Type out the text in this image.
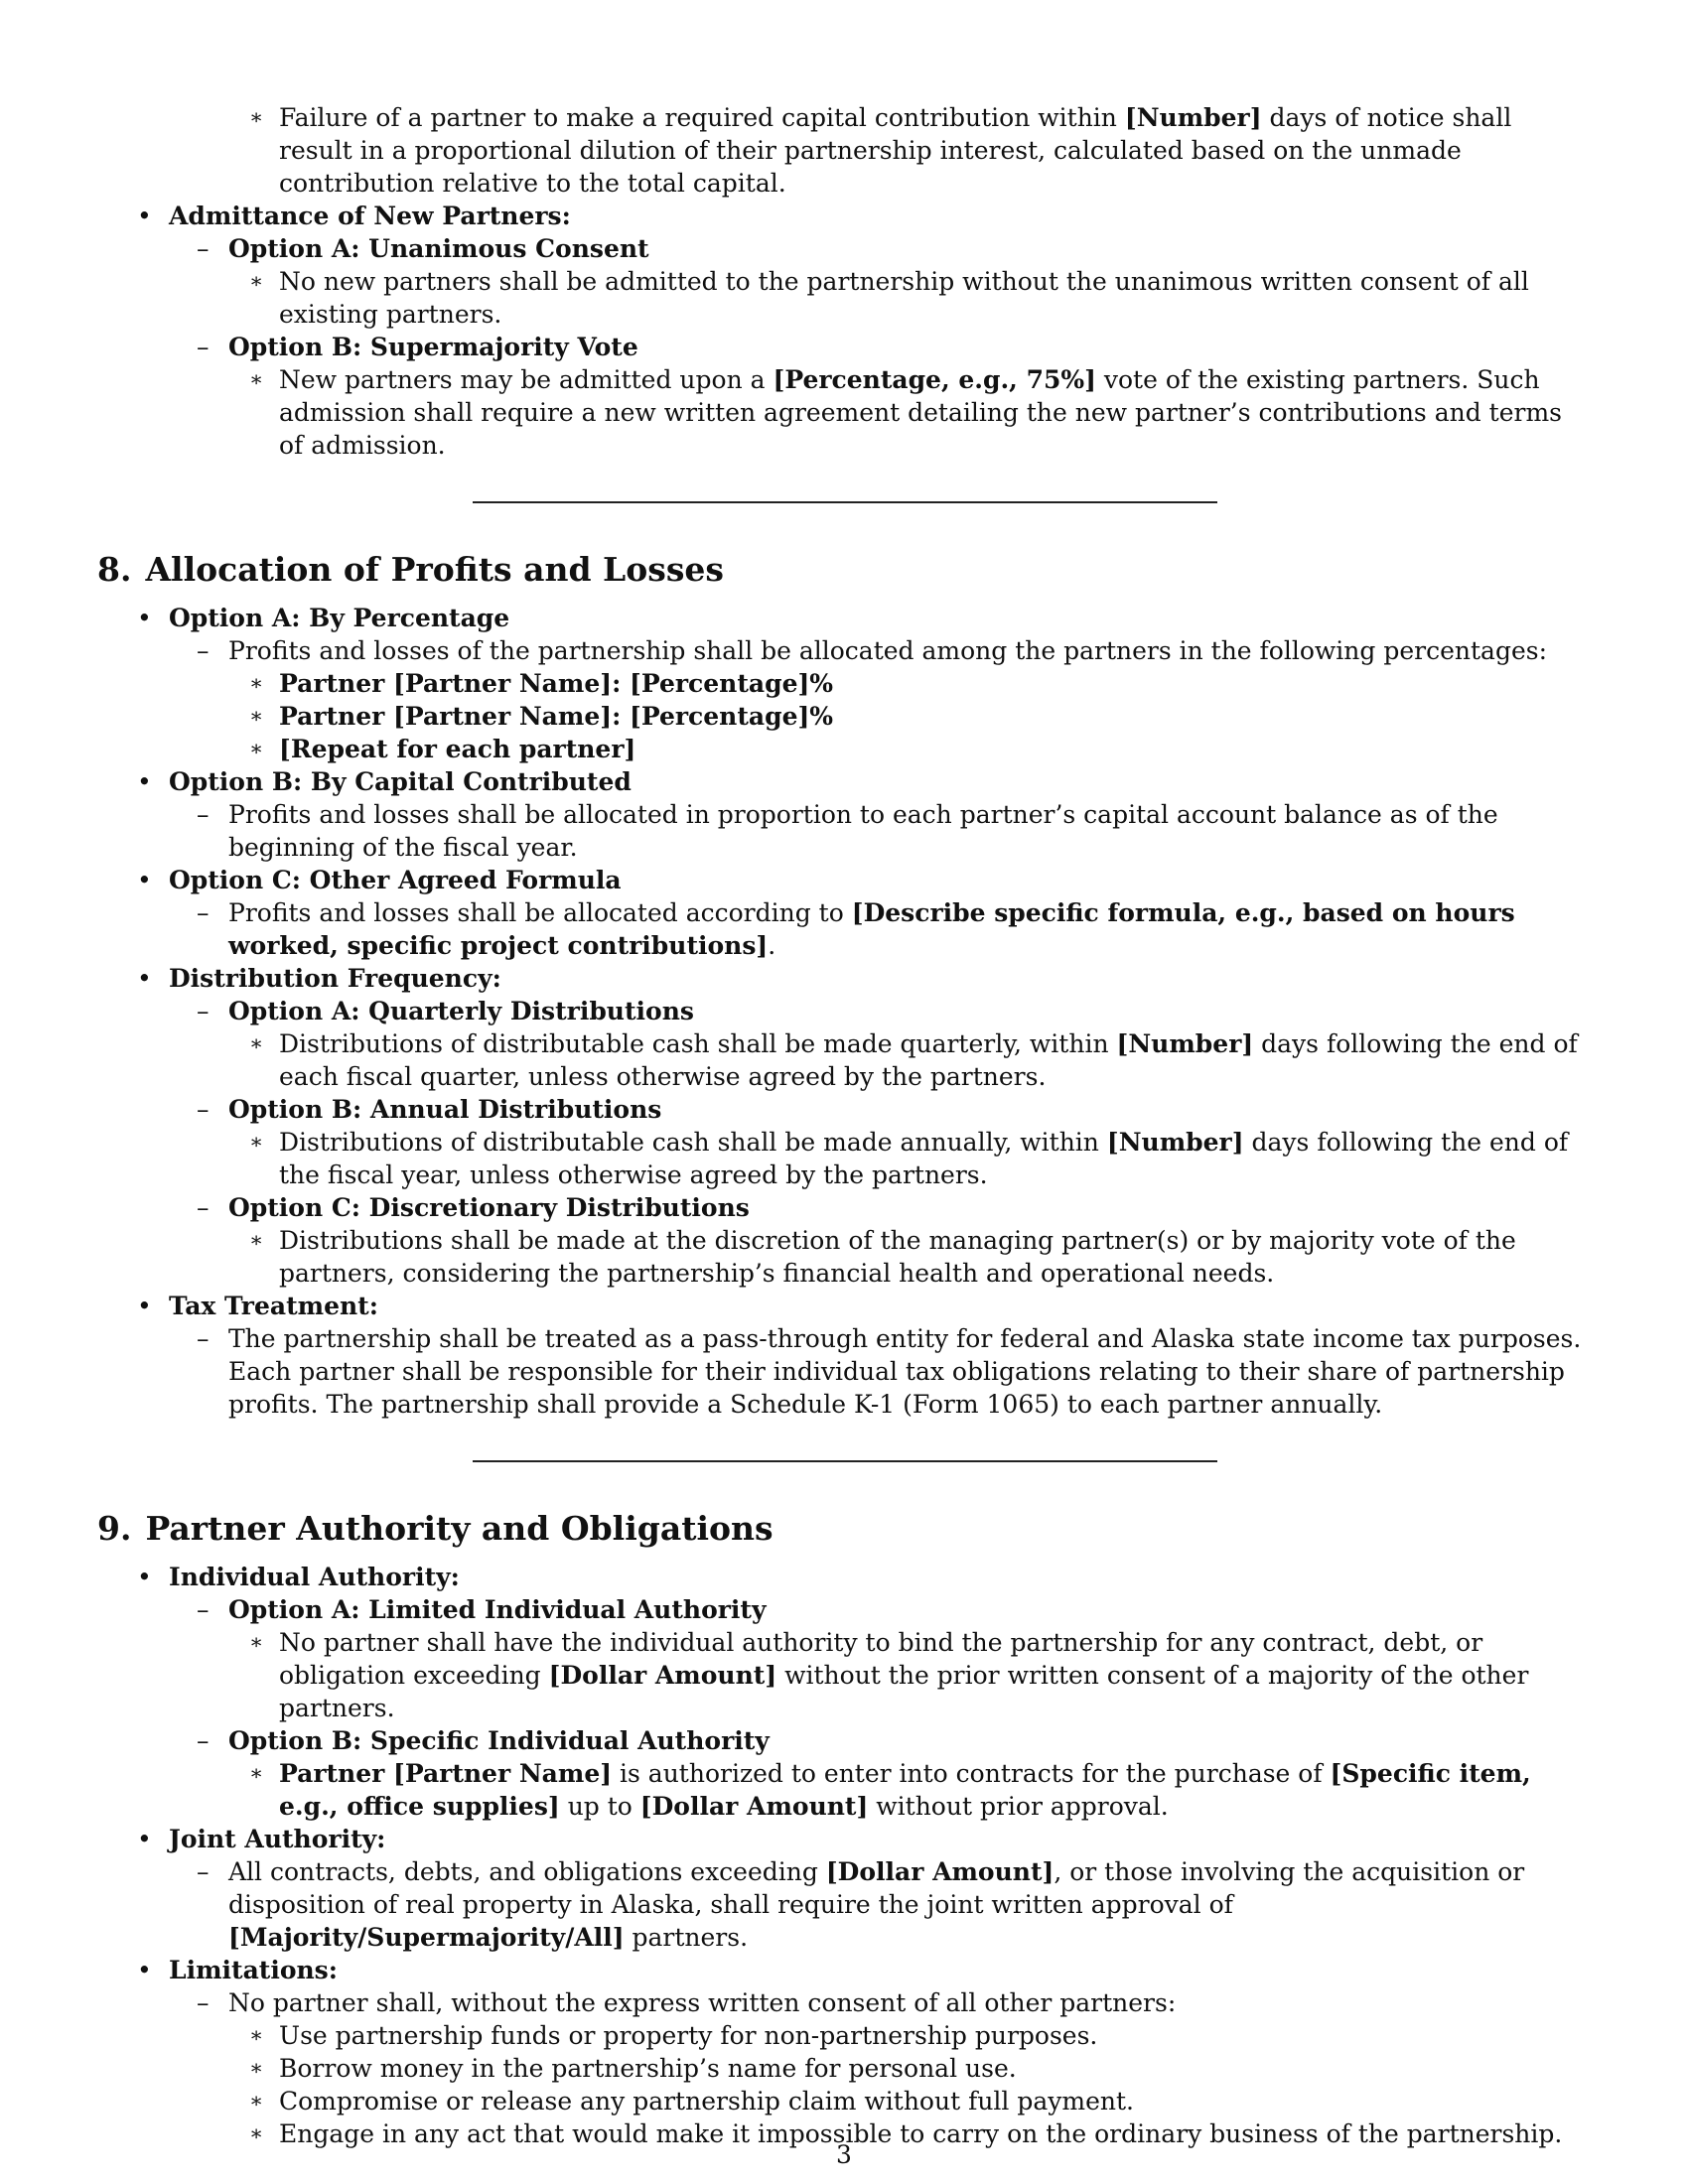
∗ Failure of a partner to make a required capital contribution within [Number] days of notice shall result in a proportional dilution of their partnership interest, calculated based on the unmade contribution relative to the total capital.
• Admittance of New Partners:
– Option A: Unanimous Consent
∗ No new partners shall be admitted to the partnership without the unanimous written consent of all existing partners.
– Option B: Supermajority Vote
∗ New partners may be admitted upon a [Percentage, e.g., 75%] vote of the existing partners. Such admission shall require a new written agreement detailing the new partner’s contributions and terms of admission.
8. Allocation of Profits and Losses
• Option A: By Percentage
– Profits and losses of the partnership shall be allocated among the partners in the following percentages:
∗ Partner [Partner Name]: [Percentage]%
∗ Partner [Partner Name]: [Percentage]%
∗ [Repeat for each partner]
• Option B: By Capital Contributed
– Profits and losses shall be allocated in proportion to each partner’s capital account balance as of the beginning of the fiscal year.
• Option C: Other Agreed Formula
– Profits and losses shall be allocated according to [Describe specific formula, e.g., based on hours worked, specific project contributions].
• Distribution Frequency:
– Option A: Quarterly Distributions
∗ Distributions of distributable cash shall be made quarterly, within [Number] days following the end of each fiscal quarter, unless otherwise agreed by the partners.
– Option B: Annual Distributions
∗ Distributions of distributable cash shall be made annually, within [Number] days following the end of the fiscal year, unless otherwise agreed by the partners.
– Option C: Discretionary Distributions
∗ Distributions shall be made at the discretion of the managing partner(s) or by majority vote of the partners, considering the partnership’s financial health and operational needs.
• Tax Treatment:
– The partnership shall be treated as a pass-through entity for federal and Alaska state income tax purposes. Each partner shall be responsible for their individual tax obligations relating to their share of partnership profits. The partnership shall provide a Schedule K-1 (Form 1065) to each partner annually.
9. Partner Authority and Obligations
• Individual Authority:
– Option A: Limited Individual Authority
∗ No partner shall have the individual authority to bind the partnership for any contract, debt, or obligation exceeding [Dollar Amount] without the prior written consent of a majority of the other partners.
– Option B: Specific Individual Authority
∗ Partner [Partner Name] is authorized to enter into contracts for the purchase of [Specific item, e.g., office supplies] up to [Dollar Amount] without prior approval.
• Joint Authority:
– All contracts, debts, and obligations exceeding [Dollar Amount], or those involving the acquisition or disposition of real property in Alaska, shall require the joint written approval of [Majority/Supermajority/All] partners.
• Limitations:
– No partner shall, without the express written consent of all other partners:
∗ Use partnership funds or property for non-partnership purposes.
∗ Borrow money in the partnership’s name for personal use.
∗ Compromise or release any partnership claim without full payment.
∗ Engage in any act that would make it impossible to carry on the ordinary business of the partnership.
3
